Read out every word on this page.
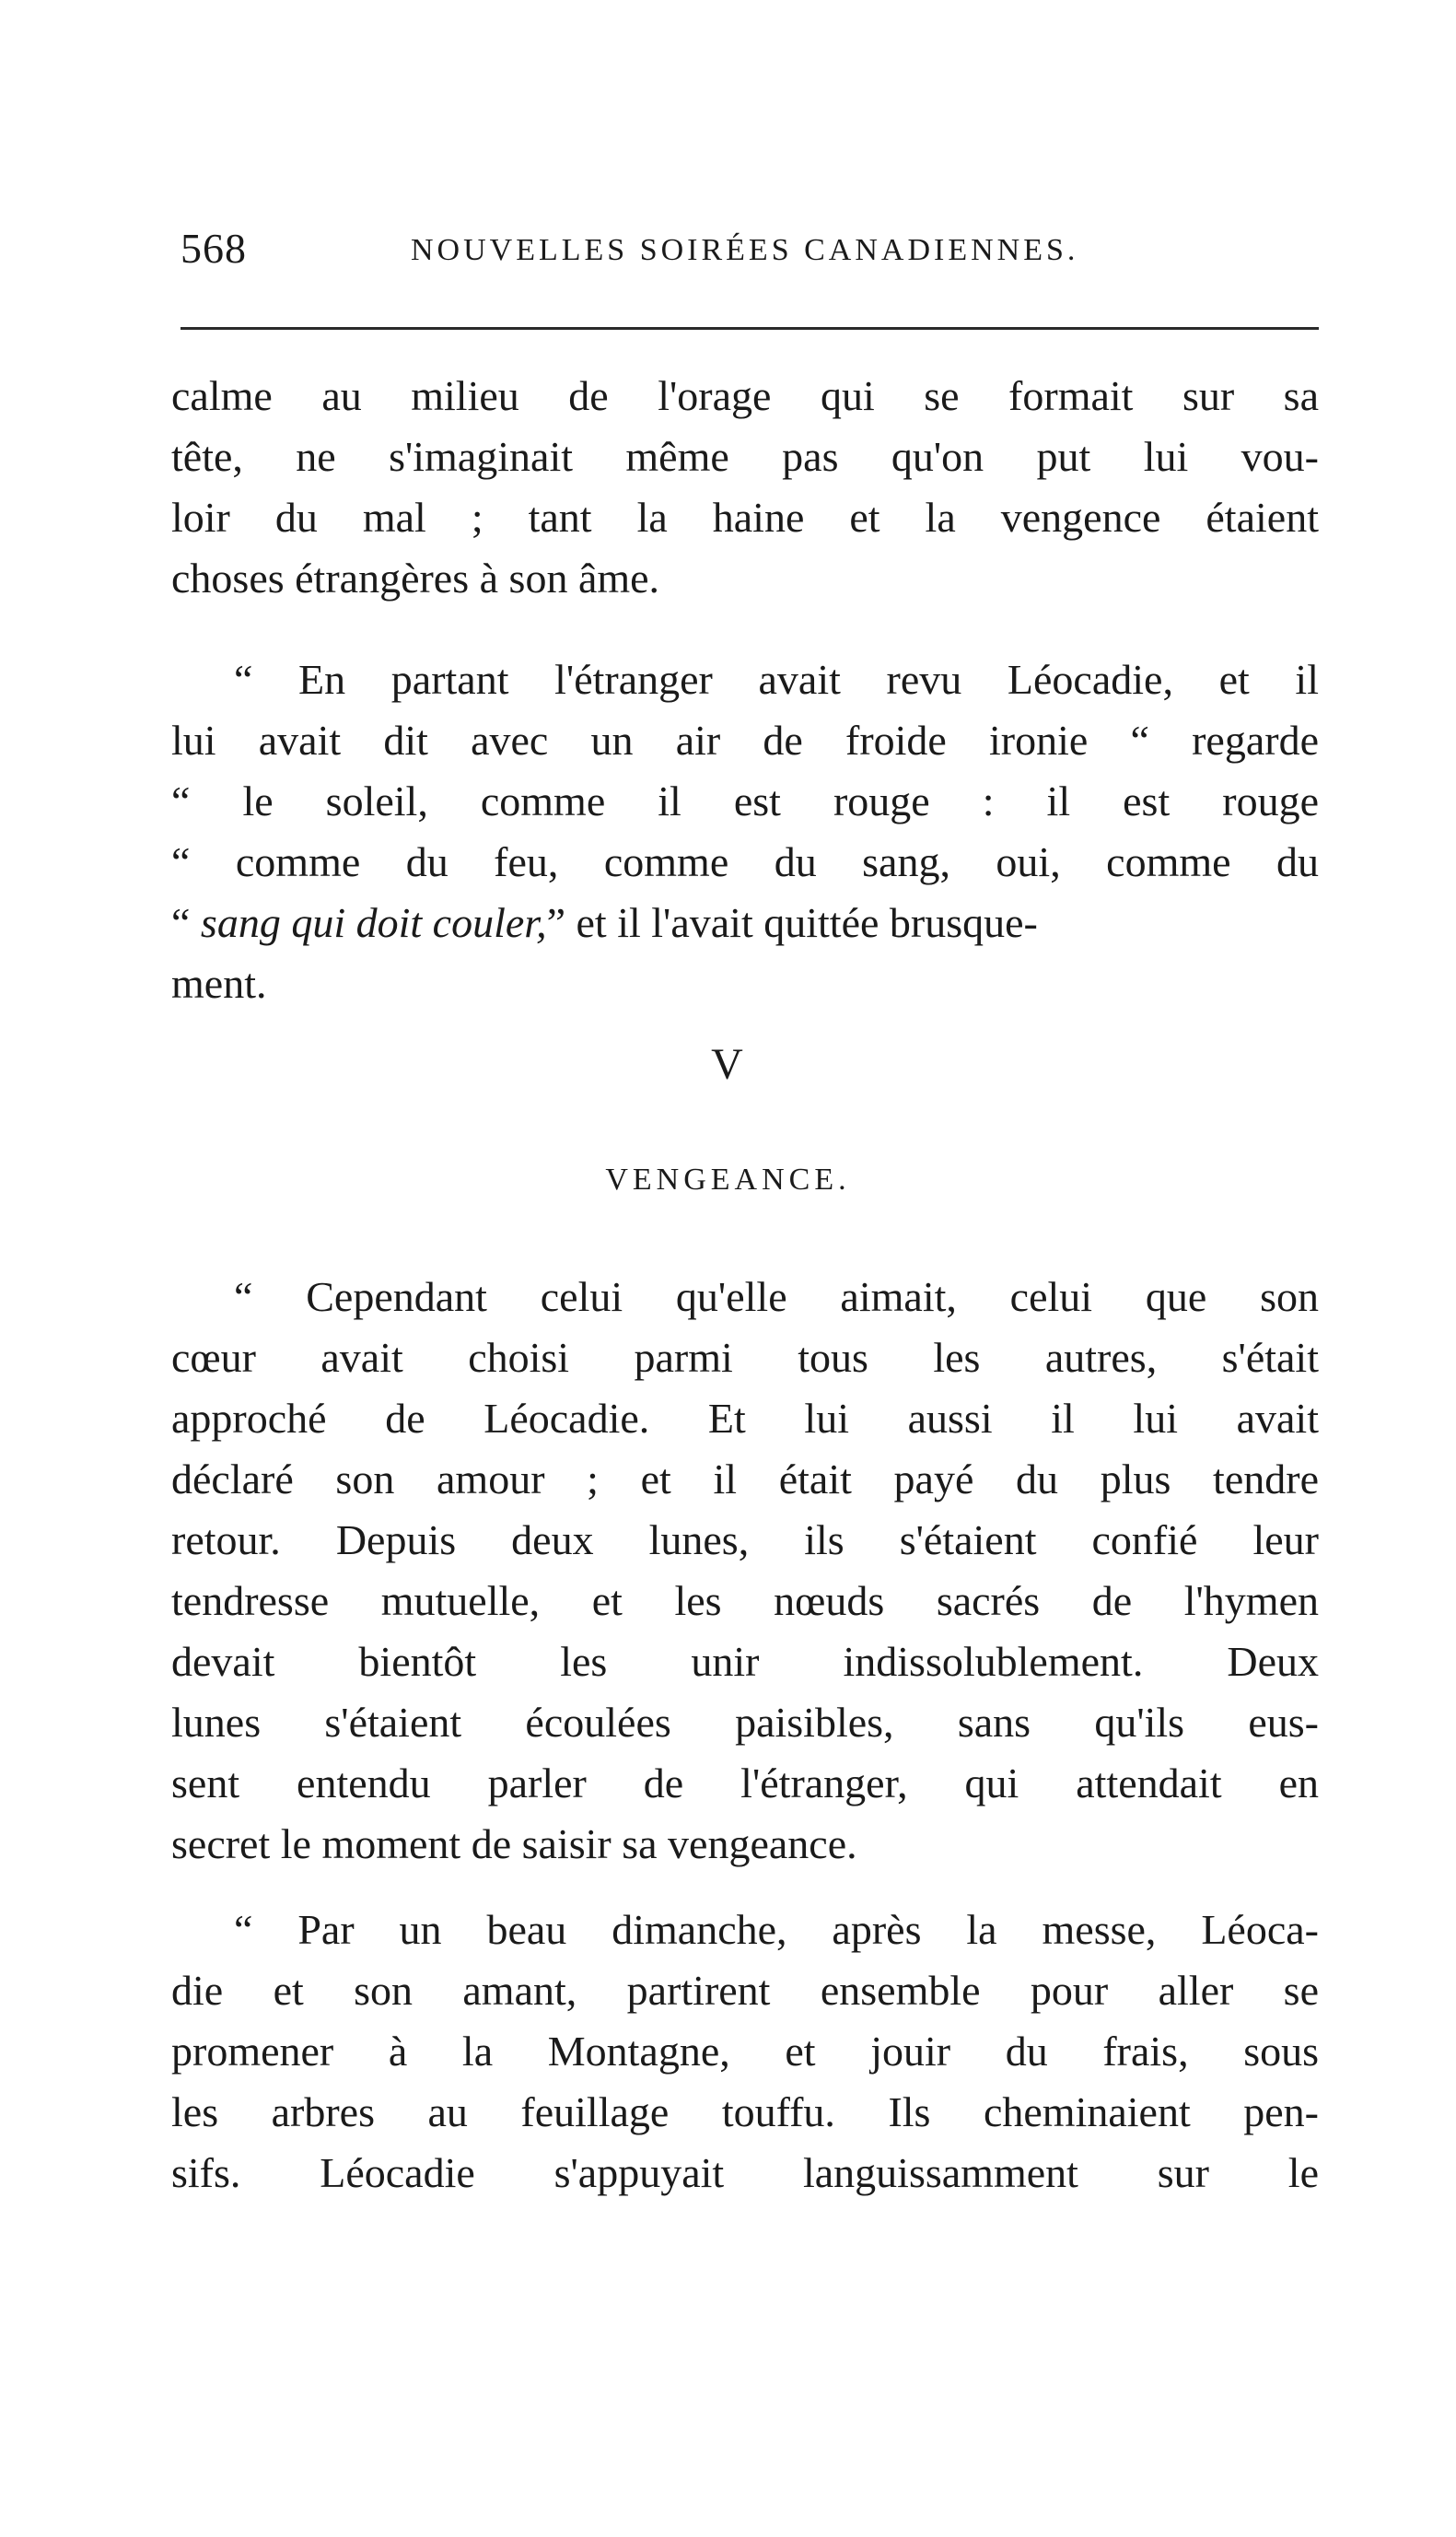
568	NOUVELLES SOIRÉES CANADIENNES.
calme au milieu de l'orage qui se formait sur sa
tête, ne s'imaginait même pas qu'on put lui vou-
loir du mal ; tant la haine et la vengence étaient
choses étrangères à son âme.
“ En partant l'étranger avait revu Léocadie, et il
lui avait dit avec un air de froide ironie “ regarde
“ le soleil, comme il est rouge : il est rouge
“ comme du feu, comme du sang, oui, comme du
“ sang qui doit couler,” et il l'avait quittée brusque-
ment.
V
VENGEANCE.
“ Cependant celui qu'elle aimait, celui que son
cœur avait choisi parmi tous les autres, s'était
approché de Léocadie. Et lui aussi il lui avait
déclaré son amour ; et il était payé du plus tendre
retour. Depuis deux lunes, ils s'étaient confié leur
tendresse mutuelle, et les nœuds sacrés de l'hymen
devait bientôt les unir indissolublement. Deux
lunes s'étaient écoulées paisibles, sans qu'ils eus-
sent entendu parler de l'étranger, qui attendait en
secret le moment de saisir sa vengeance.
“ Par un beau dimanche, après la messe, Léoca-
die et son amant, partirent ensemble pour aller se
promener à la Montagne, et jouir du frais, sous
les arbres au feuillage touffu. Ils cheminaient pen-
sifs. Léocadie s'appuyait languissamment sur le
